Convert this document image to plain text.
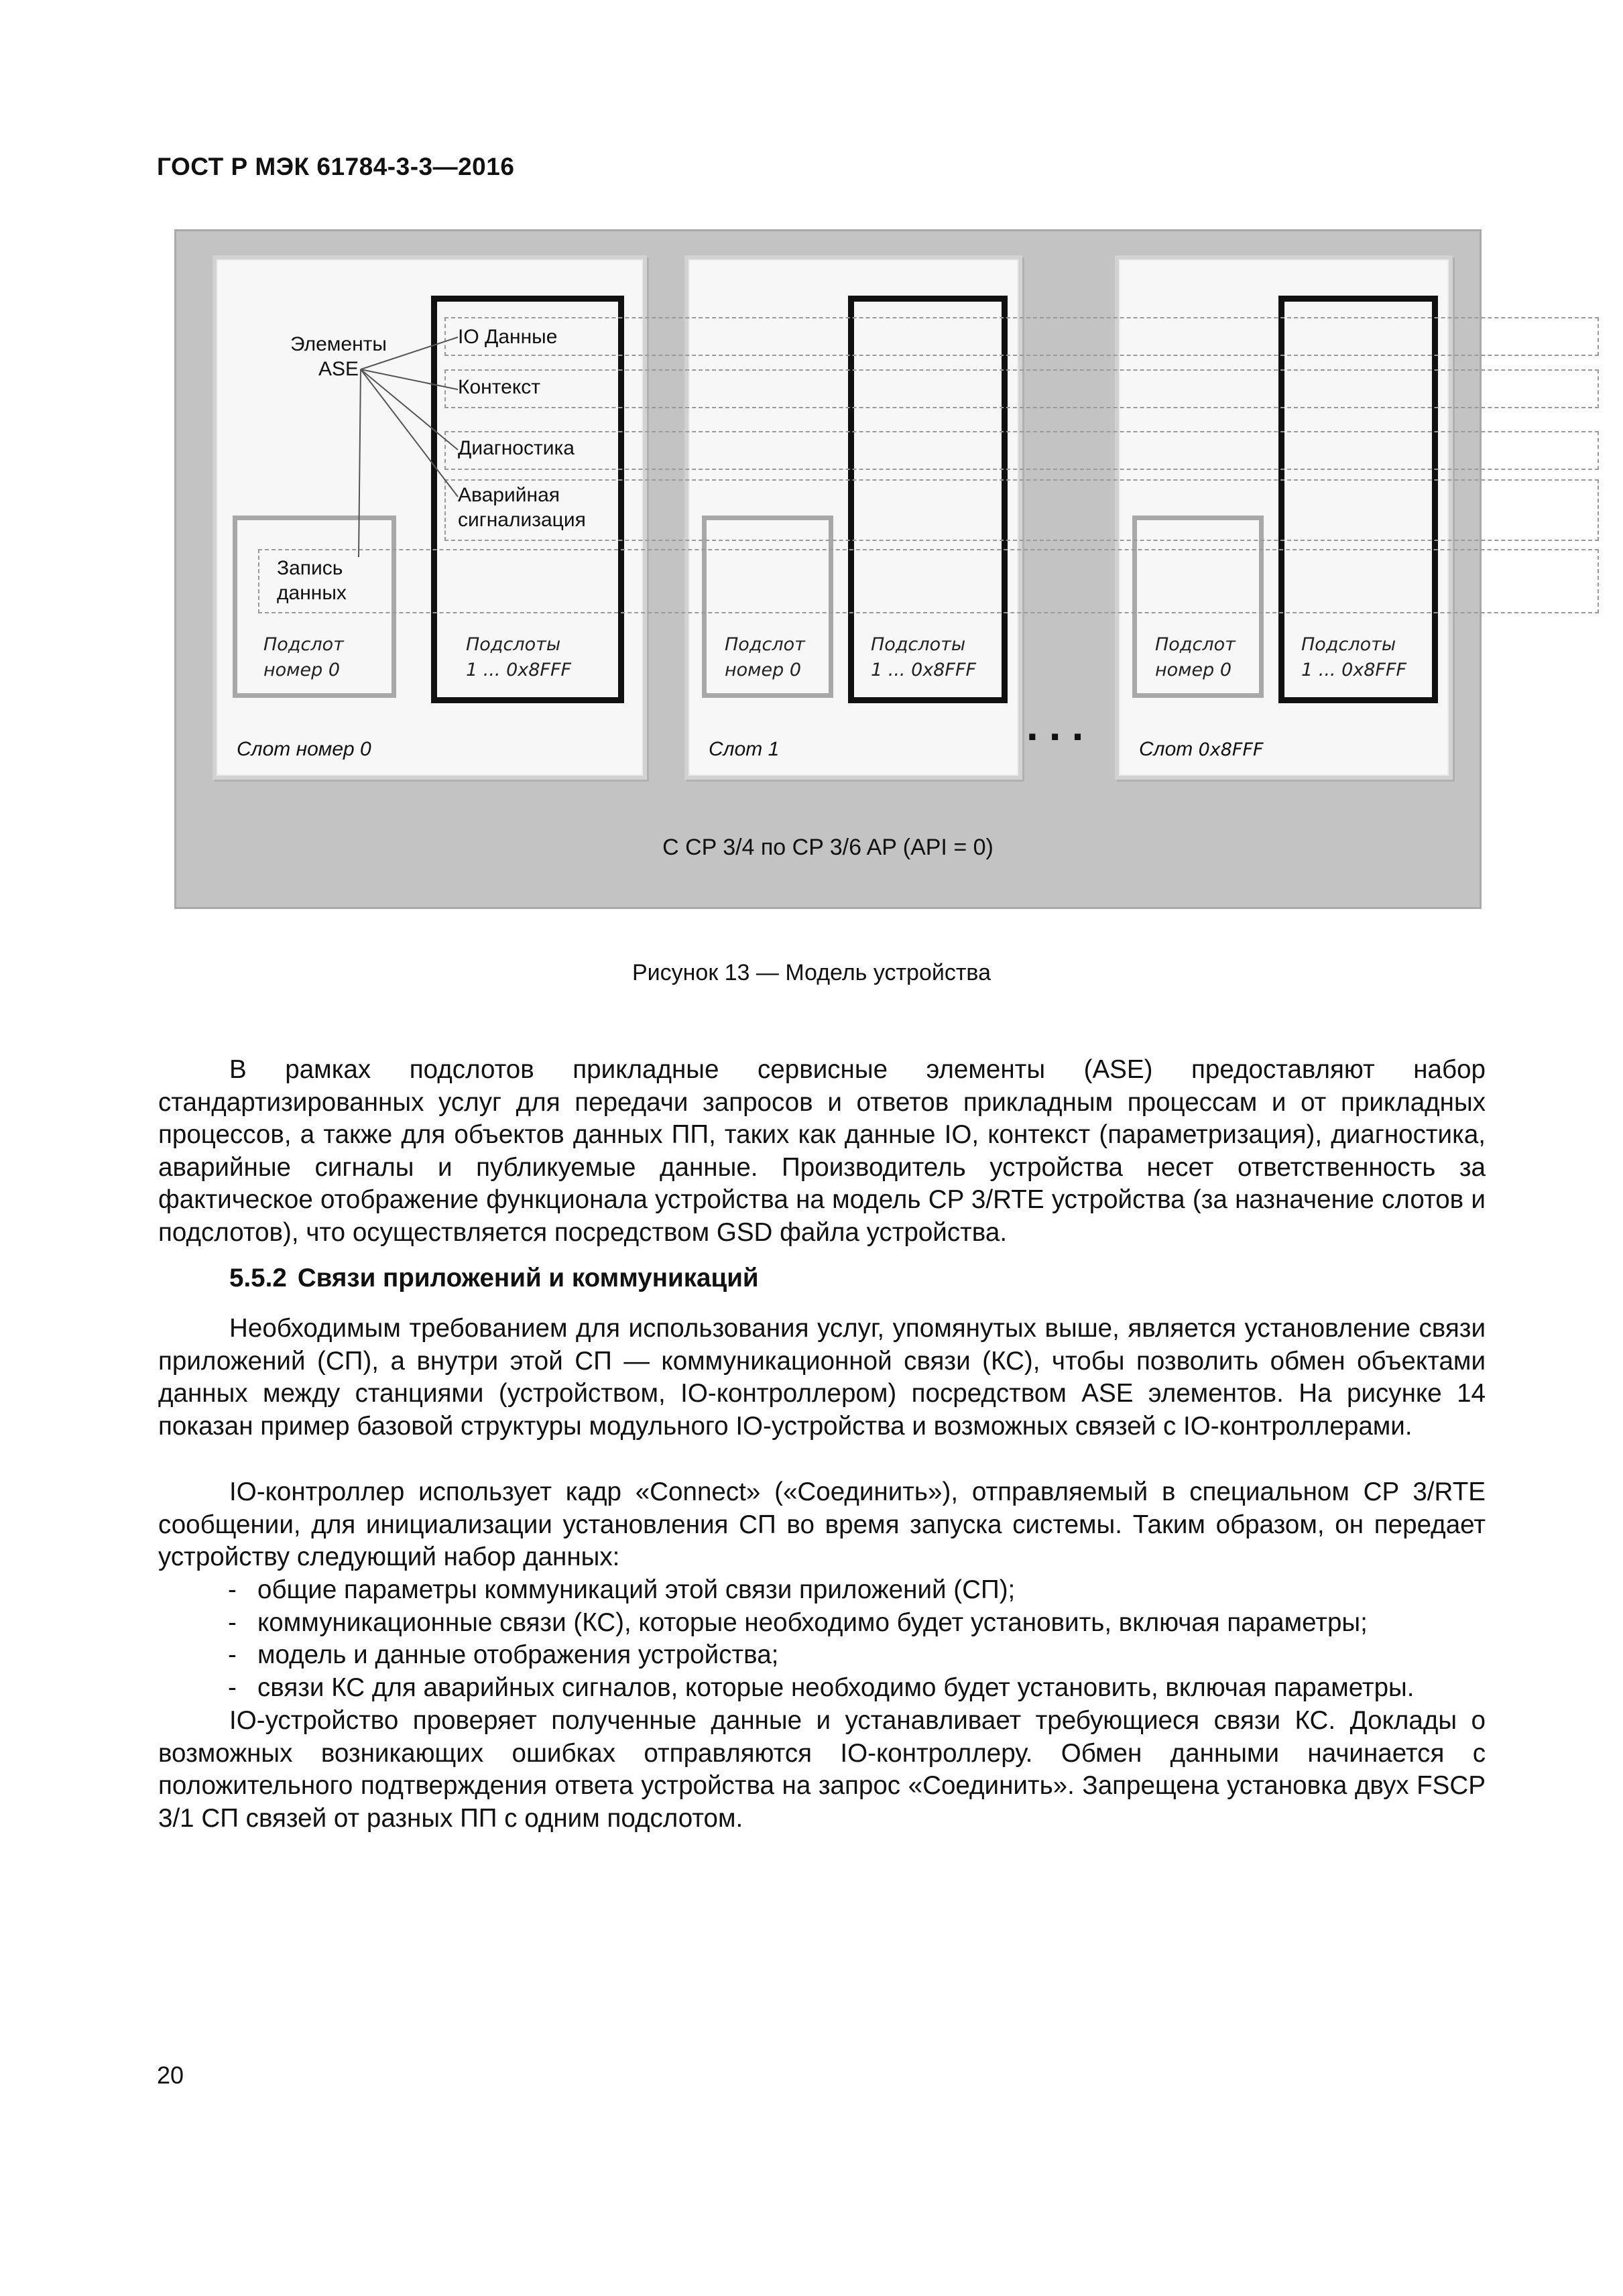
ГОСТ Р МЭК 61784-3-3—2016
Подслот
номер 0
Подслоты
1 ... 0x8FFF
Слот номер 0
Подслот
номер 0
Подслоты
1 ... 0x8FFF
Слот 1
Подслот
номер 0
Подслоты
1 ... 0x8FFF
Слот 0x8FFF
...
Элементы
ASE
IO Данные
Контекст
Диагностика
Аварийная
сигнализация
Запись
данных
С CP 3/4 по CP 3/6 AP (API = 0)
Рисунок 13 — Модель устройства

В рамках подслотов прикладные сервисные элементы (ASE) предоставляют набор стандартизированных услуг для передачи запросов и ответов прикладным процессам и от прикладных процессов, а также для объектов данных ПП, таких как данные IO, контекст (параметризация), диагностика, аварийные сигналы и публикуемые данные. Производитель устройства несет ответственность за фактическое отображение функционала устройства на модель CP 3/RTE устройства (за назначение слотов и подслотов), что осуществляется посредством GSD файла устройства.

5.5.2 Связи приложений и коммуникаций

Необходимым требованием для использования услуг, упомянутых выше, является установление связи приложений (СП), а внутри этой СП — коммуникационной связи (КС), чтобы позволить обмен объектами данных между станциями (устройством, IO-контроллером) посредством ASE элементов. На рисунке 14 показан пример базовой структуры модульного IO-устройства и возможных связей с IO-контроллерами.

IO-контроллер использует кадр «Connect» («Соединить»), отправляемый в специальном CP 3/RTE сообщении, для инициализации установления СП во время запуска системы. Таким образом, он передает устройству следующий набор данных:

- общие параметры коммуникаций этой связи приложений (СП);
- коммуникационные связи (КС), которые необходимо будет установить, включая параметры;
- модель и данные отображения устройства;
- связи КС для аварийных сигналов, которые необходимо будет установить, включая параметры.

IO-устройство проверяет полученные данные и устанавливает требующиеся связи КС. Доклады о возможных возникающих ошибках отправляются IO-контроллеру. Обмен данными начинается с положительного подтверждения ответа устройства на запрос «Соединить». Запрещена установка двух FSCP 3/1 СП связей от разных ПП с одним подслотом.

20
